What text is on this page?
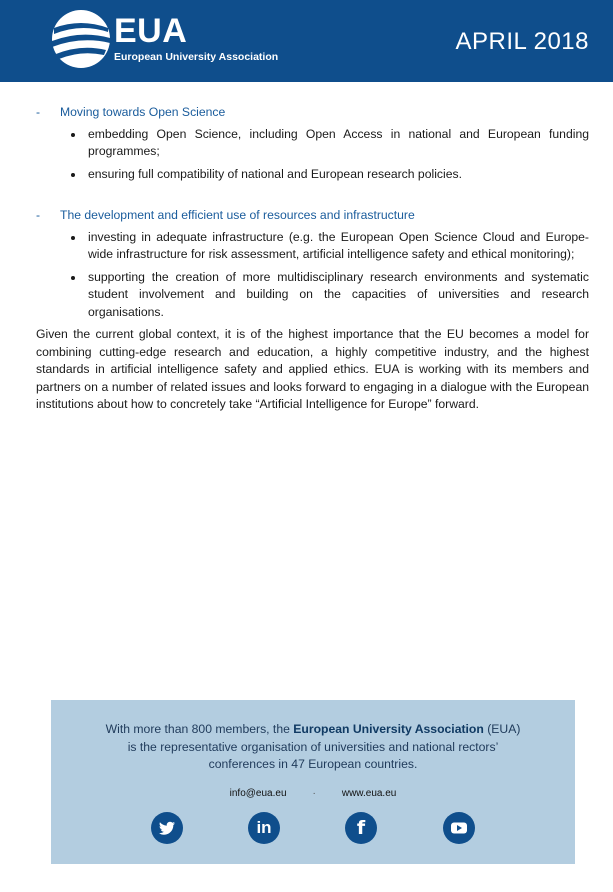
EUA
European University Association
APRIL 2018
-	Moving towards Open Science
embedding Open Science, including Open Access in national and European funding programmes;
ensuring full compatibility of national and European research policies.
-	The development and efficient use of resources and infrastructure
investing in adequate infrastructure (e.g. the European Open Science Cloud and Europe-wide infrastructure for risk assessment, artificial intelligence safety and ethical monitoring);
supporting the creation of more multidisciplinary research environments and systematic student involvement and building on the capacities of universities and research organisations.

Given the current global context, it is of the highest importance that the EU becomes a model for combining cutting-edge research and education, a highly competitive industry, and the highest standards in artificial intelligence safety and applied ethics. EUA is working with its members and partners on a number of related issues and looks forward to engaging in a dialogue with the European institutions about how to concretely take “Artificial Intelligence for Europe” forward.

With more than 800 members, the European University Association (EUA) is the representative organisation of universities and national rectors’ conferences in 47 European countries.
info@eua.eu	·	www.eua.eu
in	f
